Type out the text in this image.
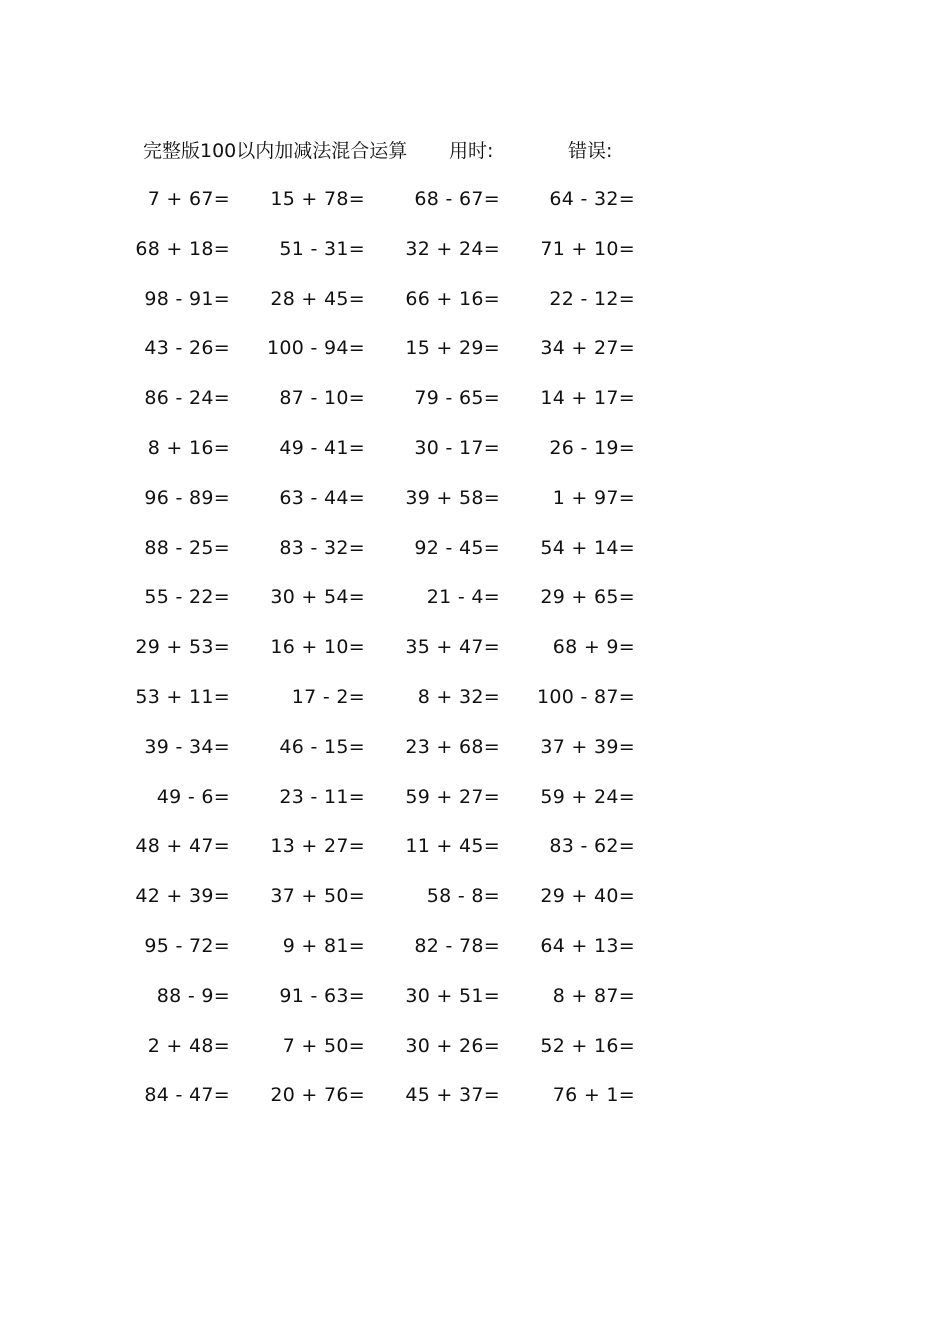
完整版100以内加减法混合运算 用时:	错误:
7 + 67= 15 + 78=	68 - 67=	64 - 32=
68 + 18=	51 - 31= 32 + 24= 71 + 10=
98 - 91= 28 + 45= 66 + 16=	22 - 12=
43 - 26= 100 - 94= 15 + 29= 34 + 27=
86 - 24=	87 - 10=	79 - 65= 14 + 17=
8 + 16=	49 - 41=	30 - 17=	26 - 19=
96 - 89=	63 - 44= 39 + 58=	1 + 97=
88 - 25=	83 - 32=	92 - 45= 54 + 14=
55 - 22= 30 + 54=	21 - 4= 29 + 65=
29 + 53= 16 + 10= 35 + 47=	68 + 9=
53 + 11=	17 - 2=	8 + 32= 100 - 87=
39 - 34=	46 - 15= 23 + 68= 37 + 39=
49 - 6=	23 - 11= 59 + 27= 59 + 24=
48 + 47= 13 + 27= 11 + 45=	83 - 62=
42 + 39= 37 + 50=	58 - 8= 29 + 40=
95 - 72=	9 + 81=	82 - 78= 64 + 13=
88 - 9=	91 - 63= 30 + 51=	8 + 87=
2 + 48=	7 + 50= 30 + 26= 52 + 16=
84 - 47= 20 + 76= 45 + 37=	76 + 1=
